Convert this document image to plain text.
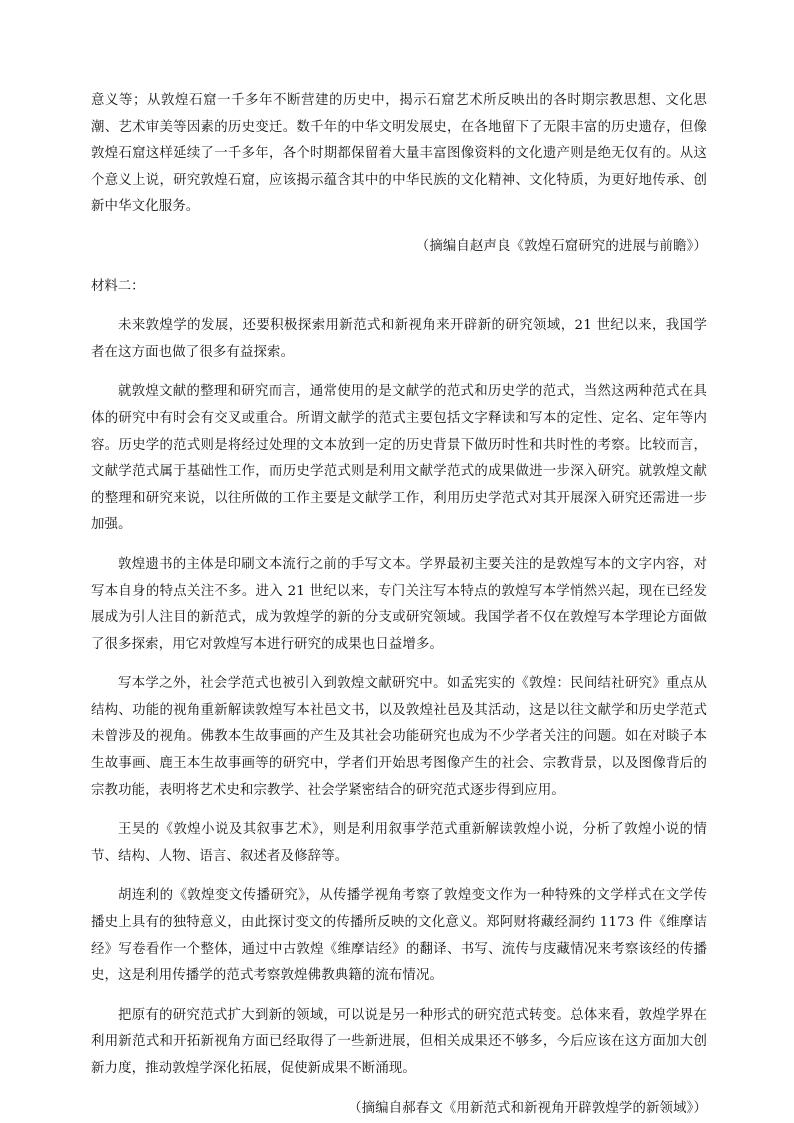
意义等；从敦煌石窟一千多年不断营建的历史中，揭示石窟艺术所反映出的各时期宗教思想、文化思潮、艺术审美等因素的历史变迁。数千年的中华文明发展史，在各地留下了无限丰富的历史遗存，但像敦煌石窟这样延续了一千多年，各个时期都保留着大量丰富图像资料的文化遗产则是绝无仅有的。从这个意义上说，研究敦煌石窟，应该揭示蕴含其中的中华民族的文化精神、文化特质，为更好地传承、创新中华文化服务。

（摘编自赵声良《敦煌石窟研究的进展与前瞻》）

材料二：

未来敦煌学的发展，还要积极探索用新范式和新视角来开辟新的研究领域，21 世纪以来，我国学者在这方面也做了很多有益探索。

就敦煌文献的整理和研究而言，通常使用的是文献学的范式和历史学的范式，当然这两种范式在具体的研究中有时会有交叉或重合。所谓文献学的范式主要包括文字释读和写本的定性、定名、定年等内容。历史学的范式则是将经过处理的文本放到一定的历史背景下做历时性和共时性的考察。比较而言，文献学范式属于基础性工作，而历史学范式则是利用文献学范式的成果做进一步深入研究。就敦煌文献的整理和研究来说，以往所做的工作主要是文献学工作，利用历史学范式对其开展深入研究还需进一步加强。

敦煌遗书的主体是印刷文本流行之前的手写文本。学界最初主要关注的是敦煌写本的文字内容，对写本自身的特点关注不多。进入 21 世纪以来，专门关注写本特点的敦煌写本学悄然兴起，现在已经发展成为引人注目的新范式，成为敦煌学的新的分支或研究领域。我国学者不仅在敦煌写本学理论方面做了很多探索，用它对敦煌写本进行研究的成果也日益增多。

写本学之外，社会学范式也被引入到敦煌文献研究中。如孟宪实的《敦煌：民间结社研究》重点从结构、功能的视角重新解读敦煌写本社邑文书，以及敦煌社邑及其活动，这是以往文献学和历史学范式未曾涉及的视角。佛教本生故事画的产生及其社会功能研究也成为不少学者关注的问题。如在对睒子本生故事画、鹿王本生故事画等的研究中，学者们开始思考图像产生的社会、宗教背景，以及图像背后的宗教功能，表明将艺术史和宗教学、社会学紧密结合的研究范式逐步得到应用。

王昊的《敦煌小说及其叙事艺术》，则是利用叙事学范式重新解读敦煌小说，分析了敦煌小说的情节、结构、人物、语言、叙述者及修辞等。

胡连利的《敦煌变文传播研究》，从传播学视角考察了敦煌变文作为一种特殊的文学样式在文学传播史上具有的独特意义，由此探讨变文的传播所反映的文化意义。郑阿财将藏经洞约 1173 件《维摩诘经》写卷看作一个整体，通过中古敦煌《维摩诘经》的翻译、书写、流传与庋藏情况来考察该经的传播史，这是利用传播学的范式考察敦煌佛教典籍的流布情况。

把原有的研究范式扩大到新的领域，可以说是另一种形式的研究范式转变。总体来看，敦煌学界在利用新范式和开拓新视角方面已经取得了一些新进展，但相关成果还不够多，今后应该在这方面加大创新力度，推动敦煌学深化拓展，促使新成果不断涌现。

（摘编自郝春文《用新范式和新视角开辟敦煌学的新领域》）
